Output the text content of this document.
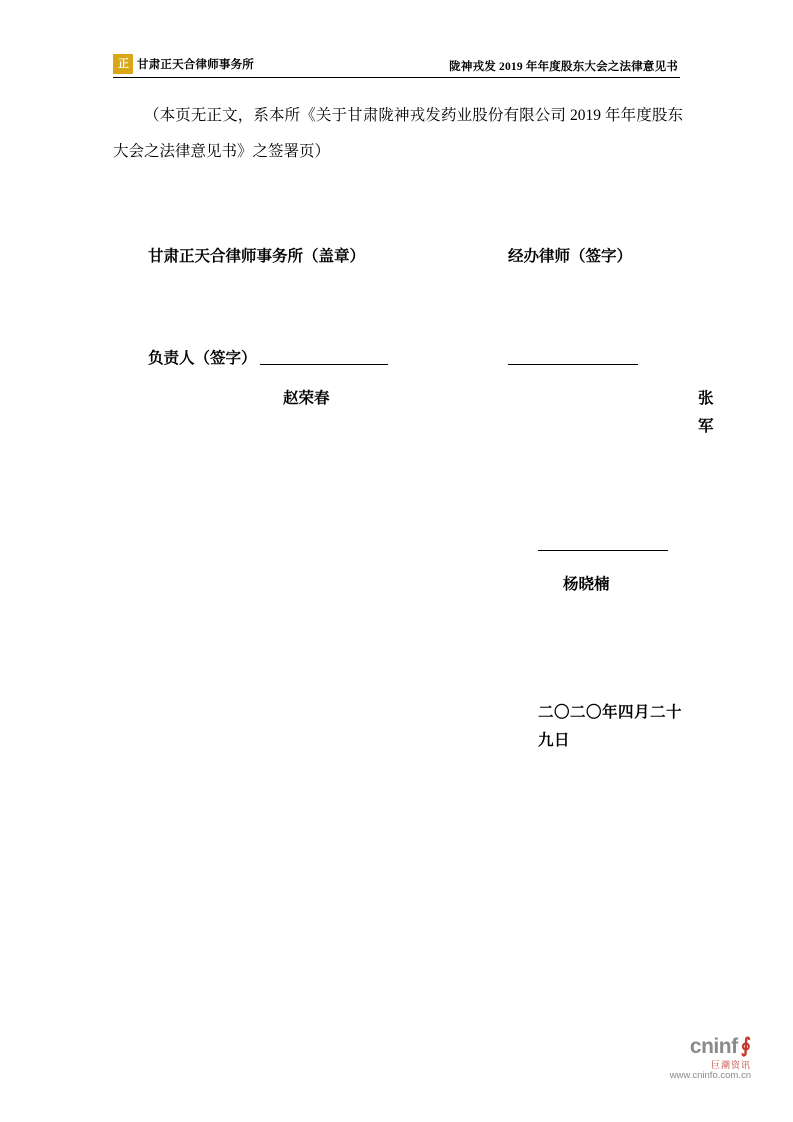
正 甘肃正天合律师事务所	陇神戎发 2019 年年度股东大会之法律意见书
（本页无正文，系本所《关于甘肃陇神戎发药业股份有限公司 2019 年年度股东大会之法律意见书》之签署页）
甘肃正天合律师事务所（盖章）	经办律师（签字）
负责人（签字）
赵荣春	张　军
杨晓楠
二〇二〇年四月二十九日
cninf ∮
巨潮资讯
www.cninfo.com.cn
